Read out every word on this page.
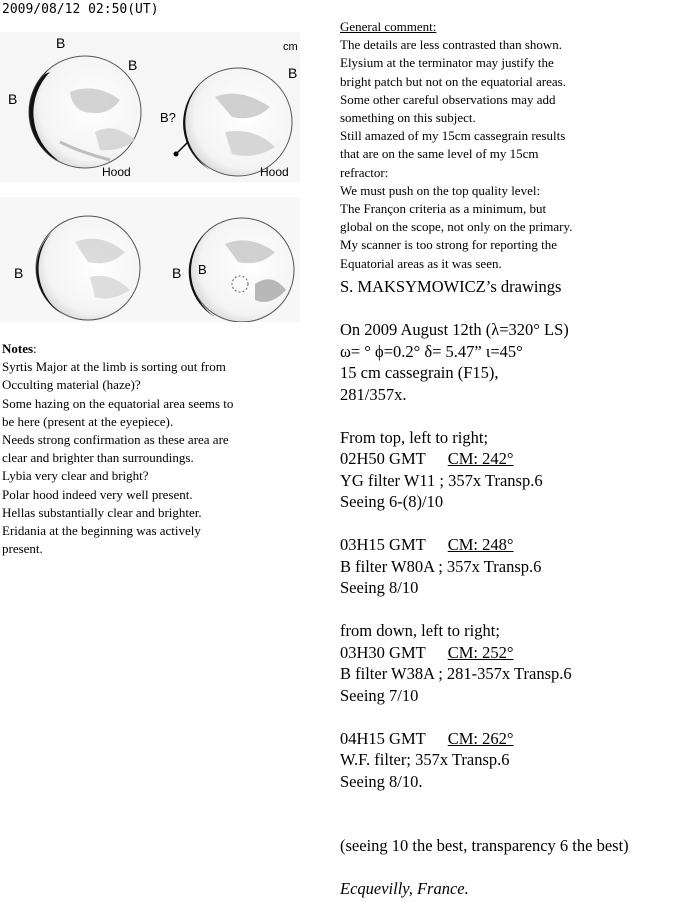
2009/08/12 02:50(UT)
B
B
B
Hood
cm
B
B?
Hood
B	B B
Notes:
Syrtis Major at the limb is sorting out from
Occulting material (haze)?
Some hazing on the equatorial area seems to
be here (present at the eyepiece).
Needs strong confirmation as these area are
clear and brighter than surroundings.
Lybia very clear and bright?
Polar hood indeed very well present.
Hellas substantially clear and brighter.
Eridania at the beginning was actively
present.
General comment:
The details are less contrasted than shown.
Elysium at the terminator may justify the
bright patch but not on the equatorial areas.
Some other careful observations may add
something on this subject.
Still amazed of my 15cm cassegrain results
that are on the same level of my 15cm
refractor:
We must push on the top quality level:
The Françon criteria as a minimum, but
global on the scope, not only on the primary.
My scanner is too strong for reporting the
Equatorial areas as it was seen.
S. MAKSYMOWICZ’s drawings
On 2009 August 12th (λ=320° LS)
ω= ° ϕ=0.2° δ= 5.47” ι=45°
15 cm cassegrain (F15),
281/357x.
From top, left to right;
02H50 GMT CM: 242°
YG filter W11 ; 357x Transp.6
Seeing 6-(8)/10
03H15 GMT CM: 248°
B filter W80A ; 357x Transp.6
Seeing 8/10
from down, left to right;
03H30 GMT CM: 252°
B filter W38A ; 281-357x Transp.6
Seeing 7/10
04H15 GMT CM: 262°
W.F. filter; 357x Transp.6
Seeing 8/10.
(seeing 10 the best, transparency 6 the best)
Ecquevilly, France.
